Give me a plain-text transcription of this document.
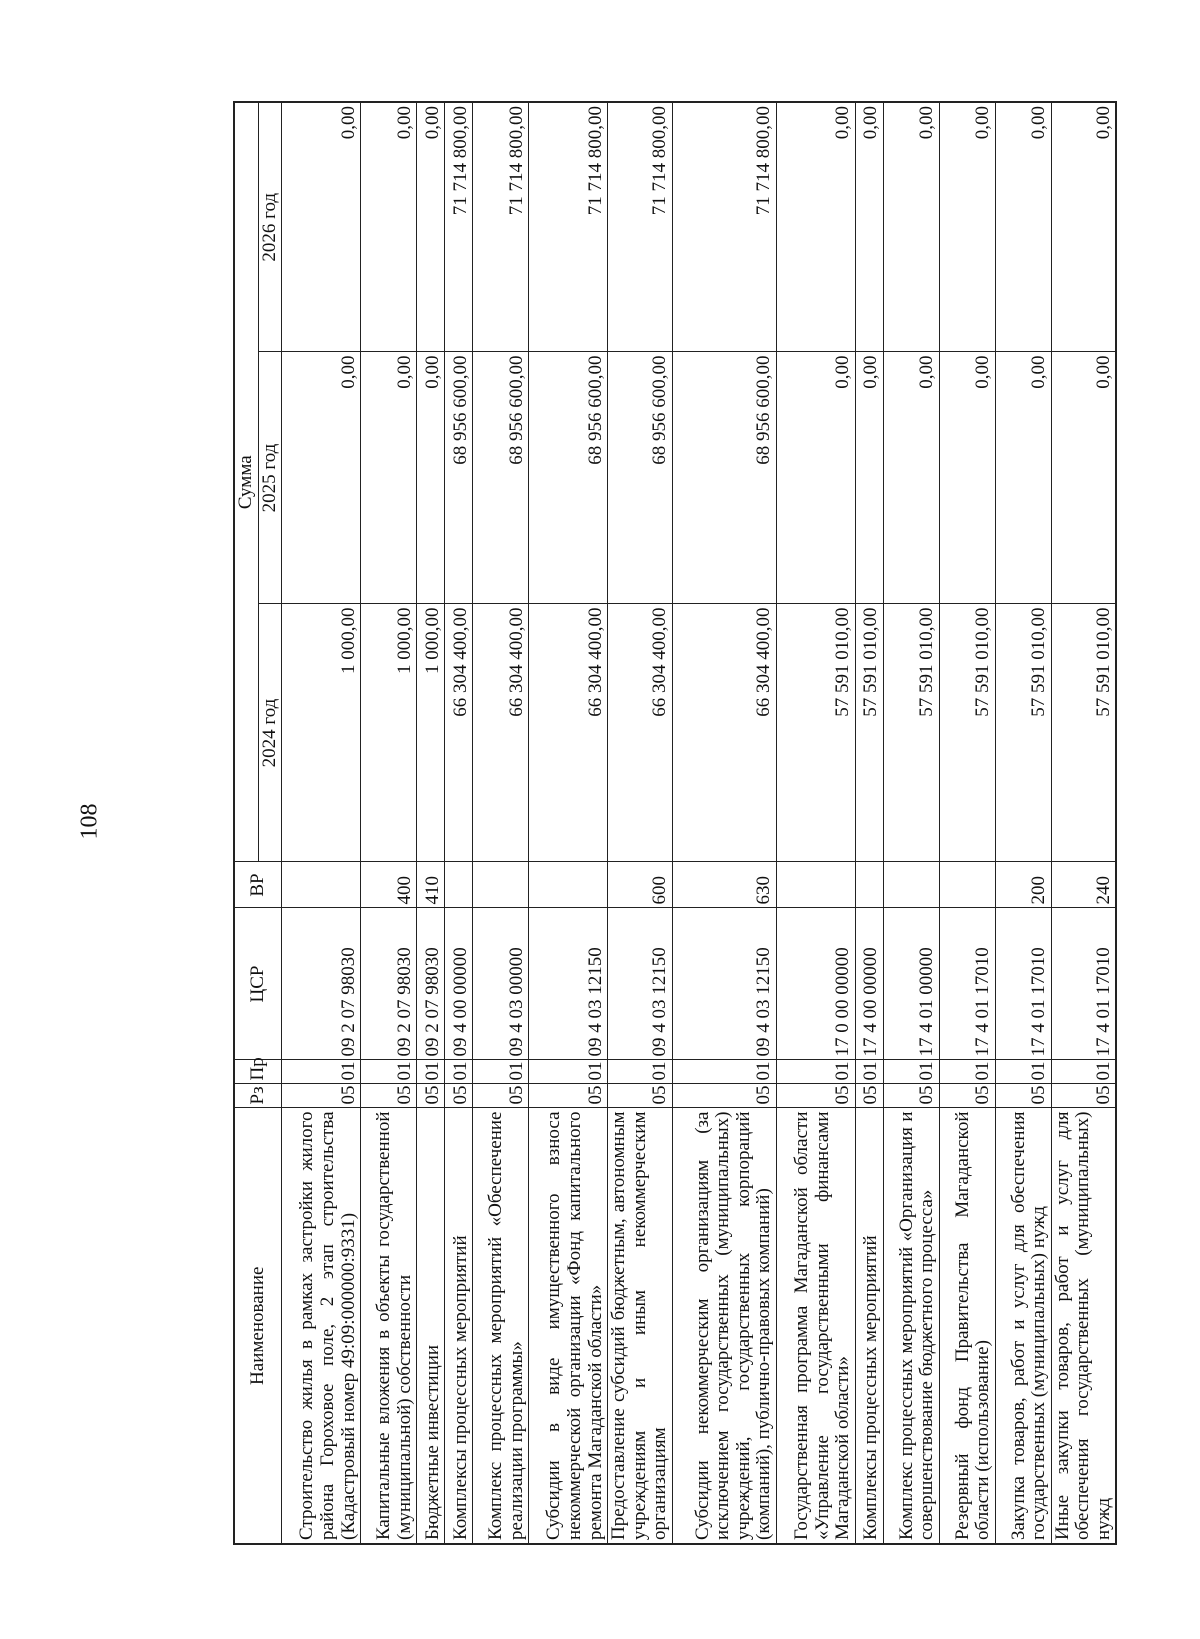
108
Наименование	Рз	Пр	ЦСР	ВР	Сумма		
					2024 год	2025 год	2026 год
Строительство жилья в рамках застройки жилого района Гороховое поле, 2 этап строительства (Кадастровый номер 49:09:000000:9331)	05	01	09 2 07 98030		1 000,00	0,00	0,00
Капитальные вложения в объекты государственной (муниципальной) собственности	05	01	09 2 07 98030	400	1 000,00	0,00	0,00
Бюджетные инвестиции	05	01	09 2 07 98030	410	1 000,00	0,00	0,00
Комплексы процессных мероприятий	05	01	09 4 00 00000		66 304 400,00	68 956 600,00	71 714 800,00
Комплекс процессных мероприятий «Обеспечение реализации программы»	05	01	09 4 03 00000		66 304 400,00	68 956 600,00	71 714 800,00
Субсидии в виде имущественного взноса некоммерческой организации «Фонд капитального ремонта Магаданской области»	05	01	09 4 03 12150		66 304 400,00	68 956 600,00	71 714 800,00
Предоставление субсидий бюджетным, автономным учреждениям и иным некоммерческим организациям	05	01	09 4 03 12150	600	66 304 400,00	68 956 600,00	71 714 800,00
Субсидии некоммерческим организациям (за исключением государственных (муниципальных) учреждений, государственных корпораций (компаний), публично-правовых компаний)	05	01	09 4 03 12150	630	66 304 400,00	68 956 600,00	71 714 800,00
Государственная программа Магаданской области «Управление государственными финансами Магаданской области»	05	01	17 0 00 00000		57 591 010,00	0,00	0,00
Комплексы процессных мероприятий	05	01	17 4 00 00000		57 591 010,00	0,00	0,00
Комплекс процессных мероприятий «Организация и совершенствование бюджетного процесса»	05	01	17 4 01 00000		57 591 010,00	0,00	0,00
Резервный фонд Правительства Магаданской области (использование)	05	01	17 4 01 17010		57 591 010,00	0,00	0,00
Закупка товаров, работ и услуг для обеспечения государственных (муниципальных) нужд	05	01	17 4 01 17010	200	57 591 010,00	0,00	0,00
Иные закупки товаров, работ и услуг для обеспечения государственных (муниципальных) нужд	05	01	17 4 01 17010	240	57 591 010,00	0,00	0,00
